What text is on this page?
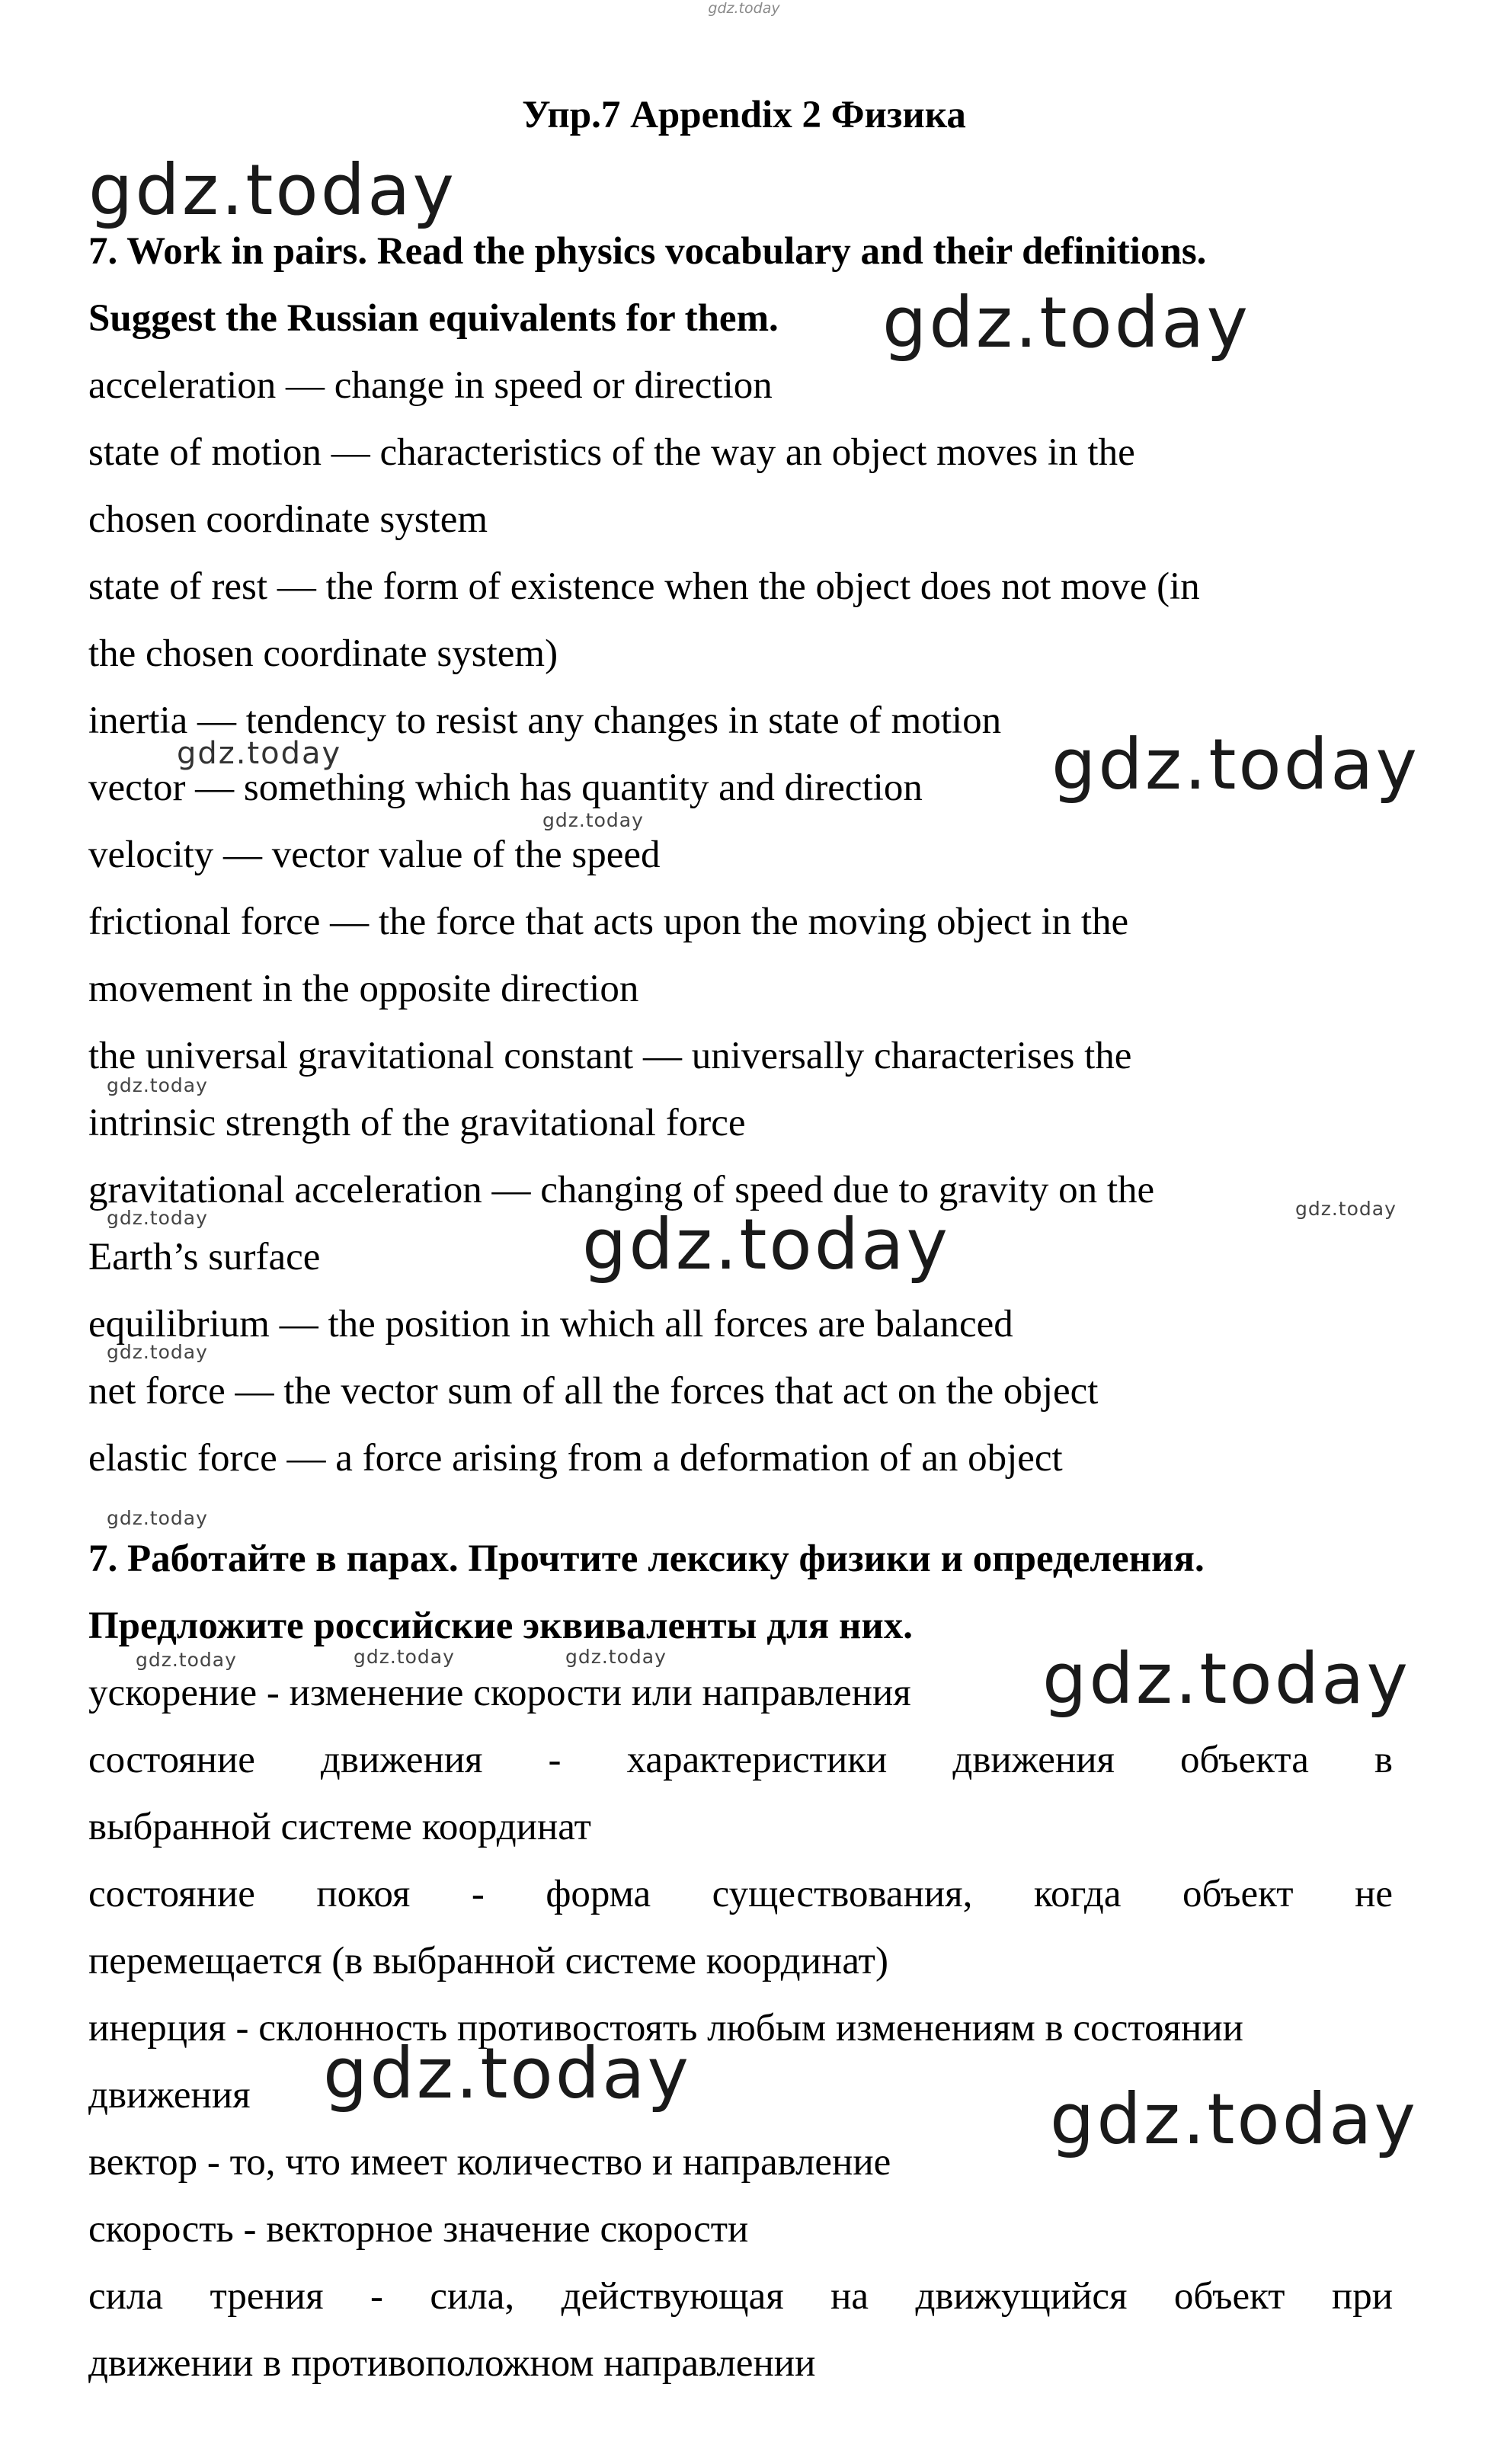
gdz.today
Упр.7 Appendix 2 Физика
7. Work in pairs. Read the physics vocabulary and their definitions.
Suggest the Russian equivalents for them.
acceleration — change in speed or direction
state of motion — characteristics of the way an object moves in the
chosen coordinate system
state of rest — the form of existence when the object does not move (in
the chosen coordinate system)
inertia — tendency to resist any changes in state of motion
vector — something which has quantity and direction
velocity — vector value of the speed
frictional force — the force that acts upon the moving object in the
movement in the opposite direction
the universal gravitational constant — universally characterises the
intrinsic strength of the gravitational force
gravitational acceleration — changing of speed due to gravity on the
Earth’s surface
equilibrium — the position in which all forces are balanced
net force — the vector sum of all the forces that act on the object
elastic force — a force arising from a deformation of an object
7. Работайте в парах. Прочтите лексику физики и определения.
Предложите российские эквиваленты для них.
ускорение - изменение скорости или направления
состояние движения - характеристики движения объекта в
выбранной системе координат
состояние покоя - форма существования, когда объект не
перемещается (в выбранной системе координат)
инерция - склонность противостоять любым изменениям в состоянии
движения
вектор - то, что имеет количество и направление
скорость - векторное значение скорости
сила трения - сила, действующая на движущийся объект при
движении в противоположном направлении
gdz.today
gdz.today
gdz.today	gdz.today
gdz.today
gdz.today
gdz.today
gdz.today	gdz.today
gdz.today
gdz.today
gdz.today	gdz.today	gdz.today	gdz.today
gdz.today
gdz.today
